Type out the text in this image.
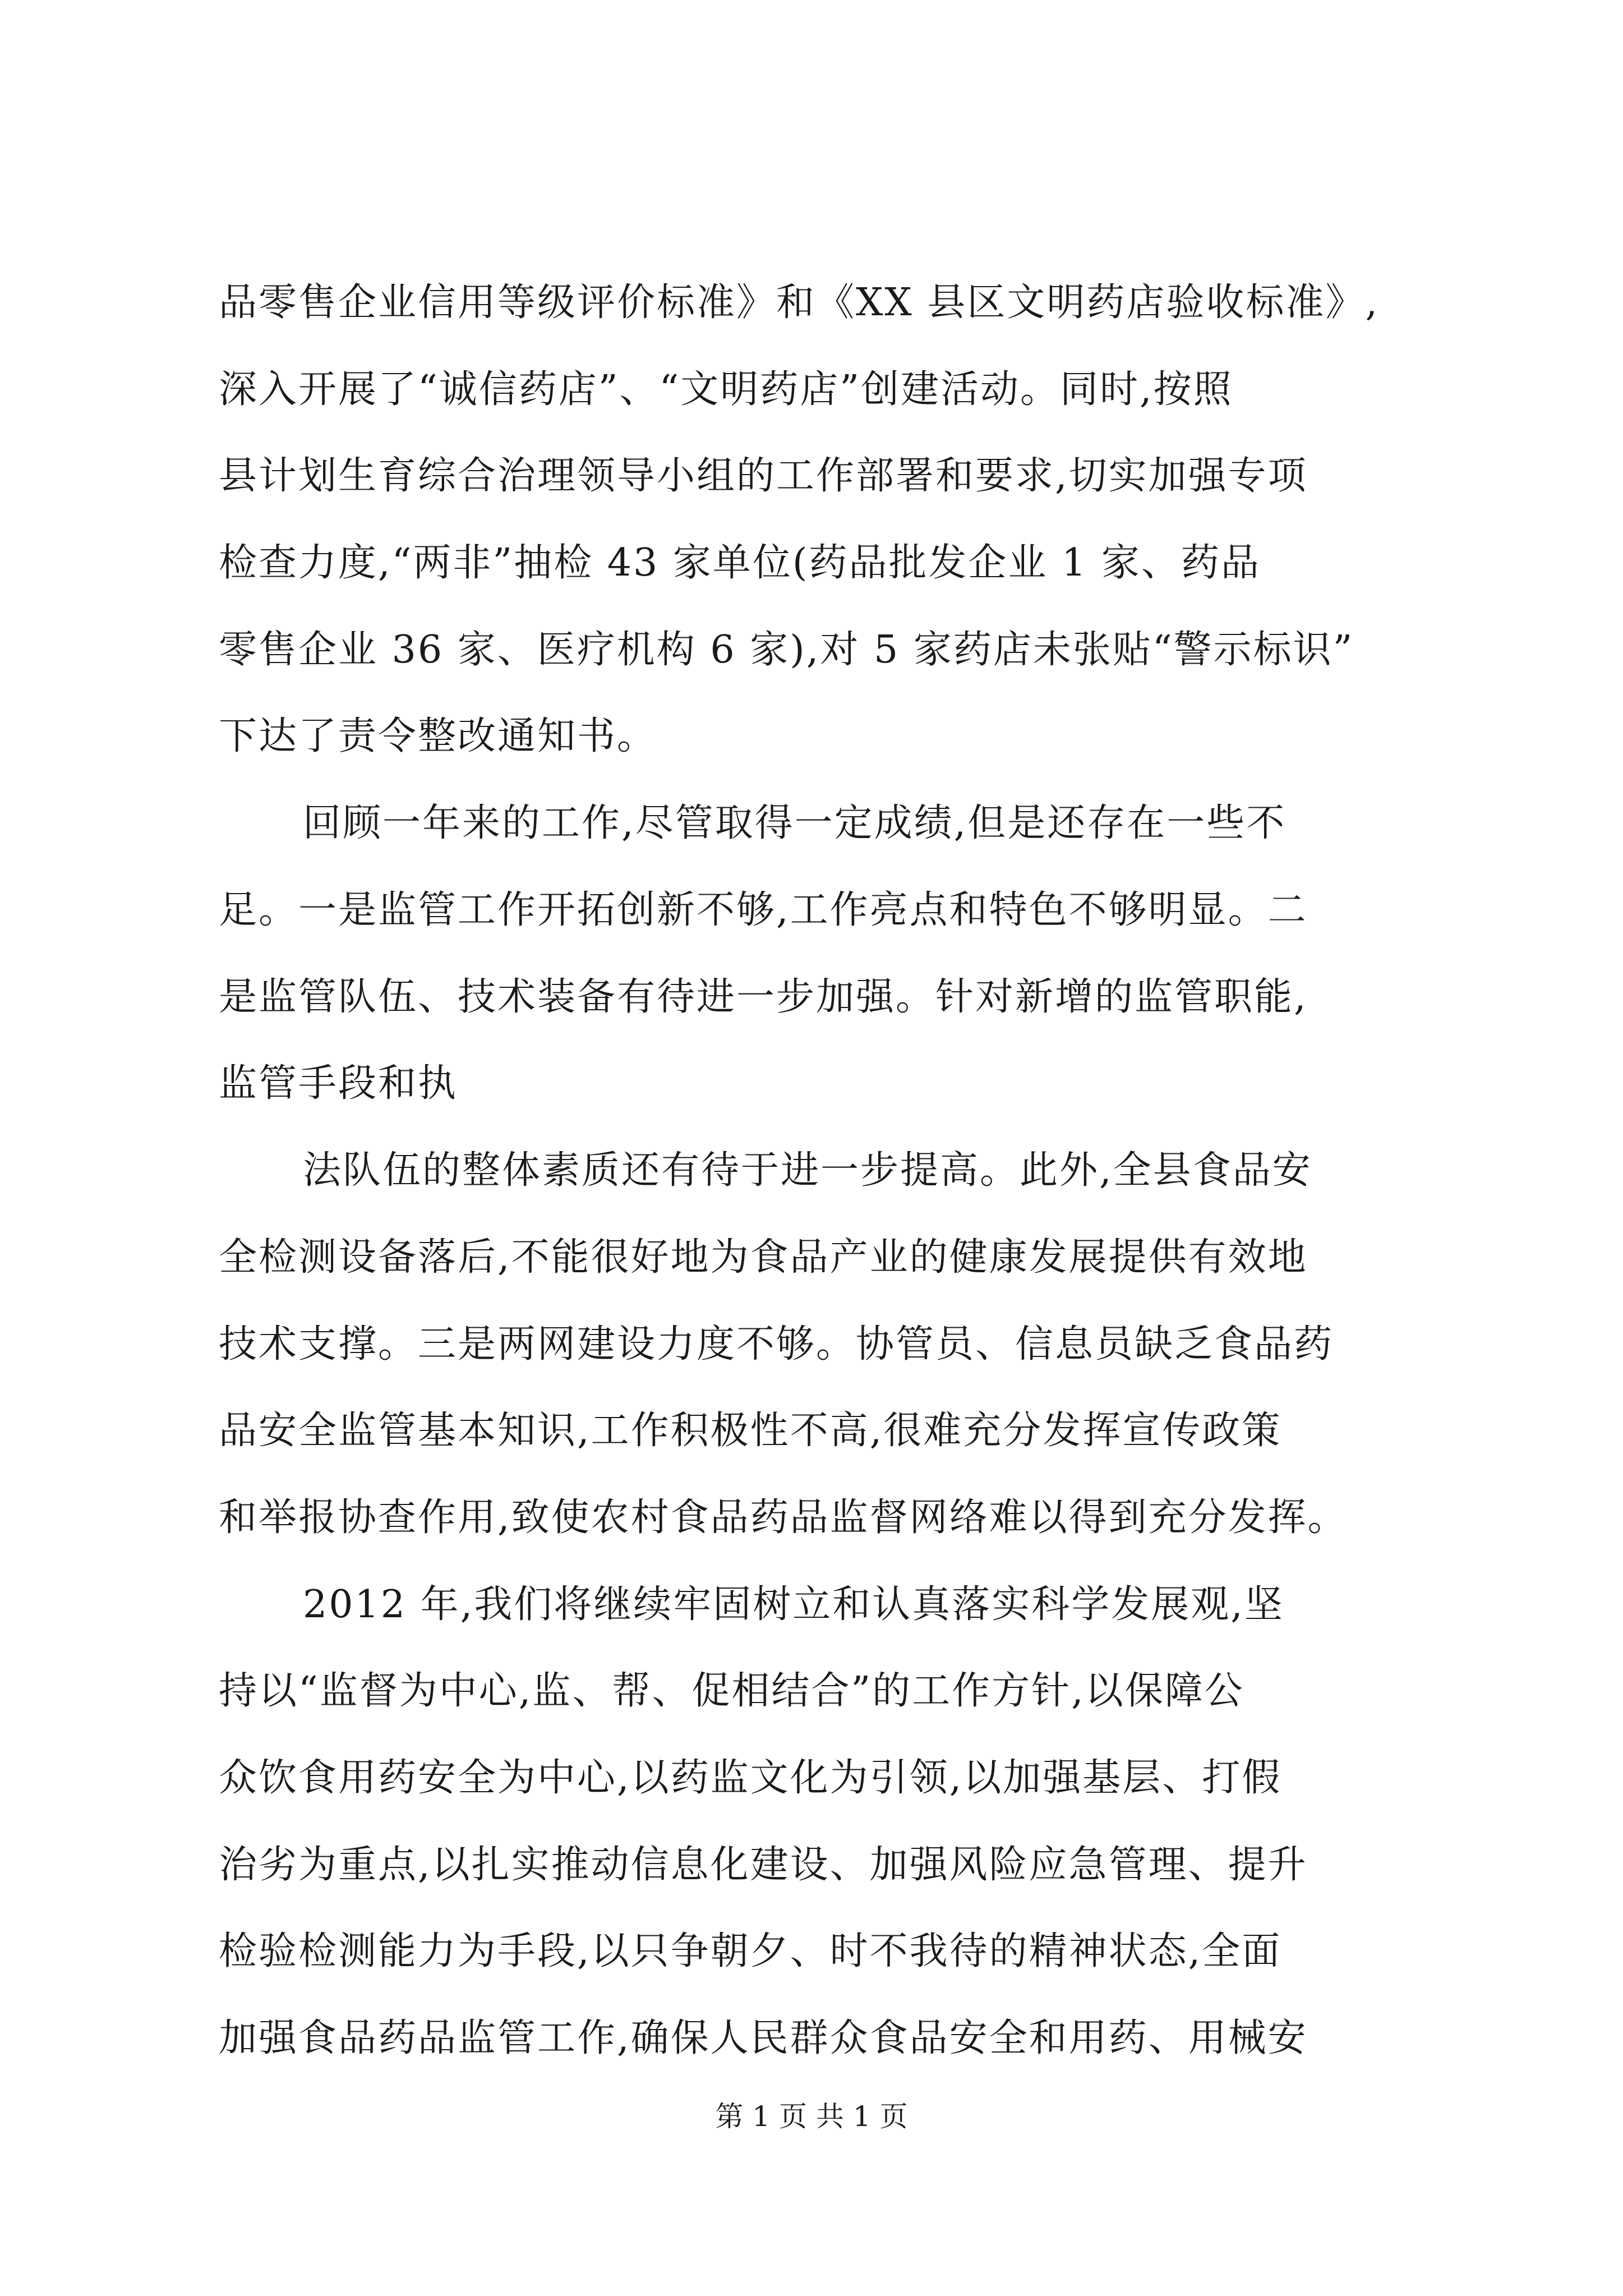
品零售企业信用等级评价标准》和《XX 县区文明药店验收标准》,
深入开展了“诚信药店”、“文明药店”创建活动。同时,按照
县计划生育综合治理领导小组的工作部署和要求,切实加强专项
检查力度,“两非”抽检 43 家单位(药品批发企业 1 家、药品
零售企业 36 家、医疗机构 6 家),对 5 家药店未张贴“警示标识”
下达了责令整改通知书。
回顾一年来的工作,尽管取得一定成绩,但是还存在一些不
足。一是监管工作开拓创新不够,工作亮点和特色不够明显。二
是监管队伍、技术装备有待进一步加强。针对新增的监管职能,
监管手段和执
法队伍的整体素质还有待于进一步提高。此外,全县食品安
全检测设备落后,不能很好地为食品产业的健康发展提供有效地
技术支撑。三是两网建设力度不够。协管员、信息员缺乏食品药
品安全监管基本知识,工作积极性不高,很难充分发挥宣传政策
和举报协查作用,致使农村食品药品监督网络难以得到充分发挥。
2012 年,我们将继续牢固树立和认真落实科学发展观,坚
持以“监督为中心,监、帮、促相结合”的工作方针,以保障公
众饮食用药安全为中心,以药监文化为引领,以加强基层、打假
治劣为重点,以扎实推动信息化建设、加强风险应急管理、提升
检验检测能力为手段,以只争朝夕、时不我待的精神状态,全面
加强食品药品监管工作,确保人民群众食品安全和用药、用械安
第 1 页 共 1 页
